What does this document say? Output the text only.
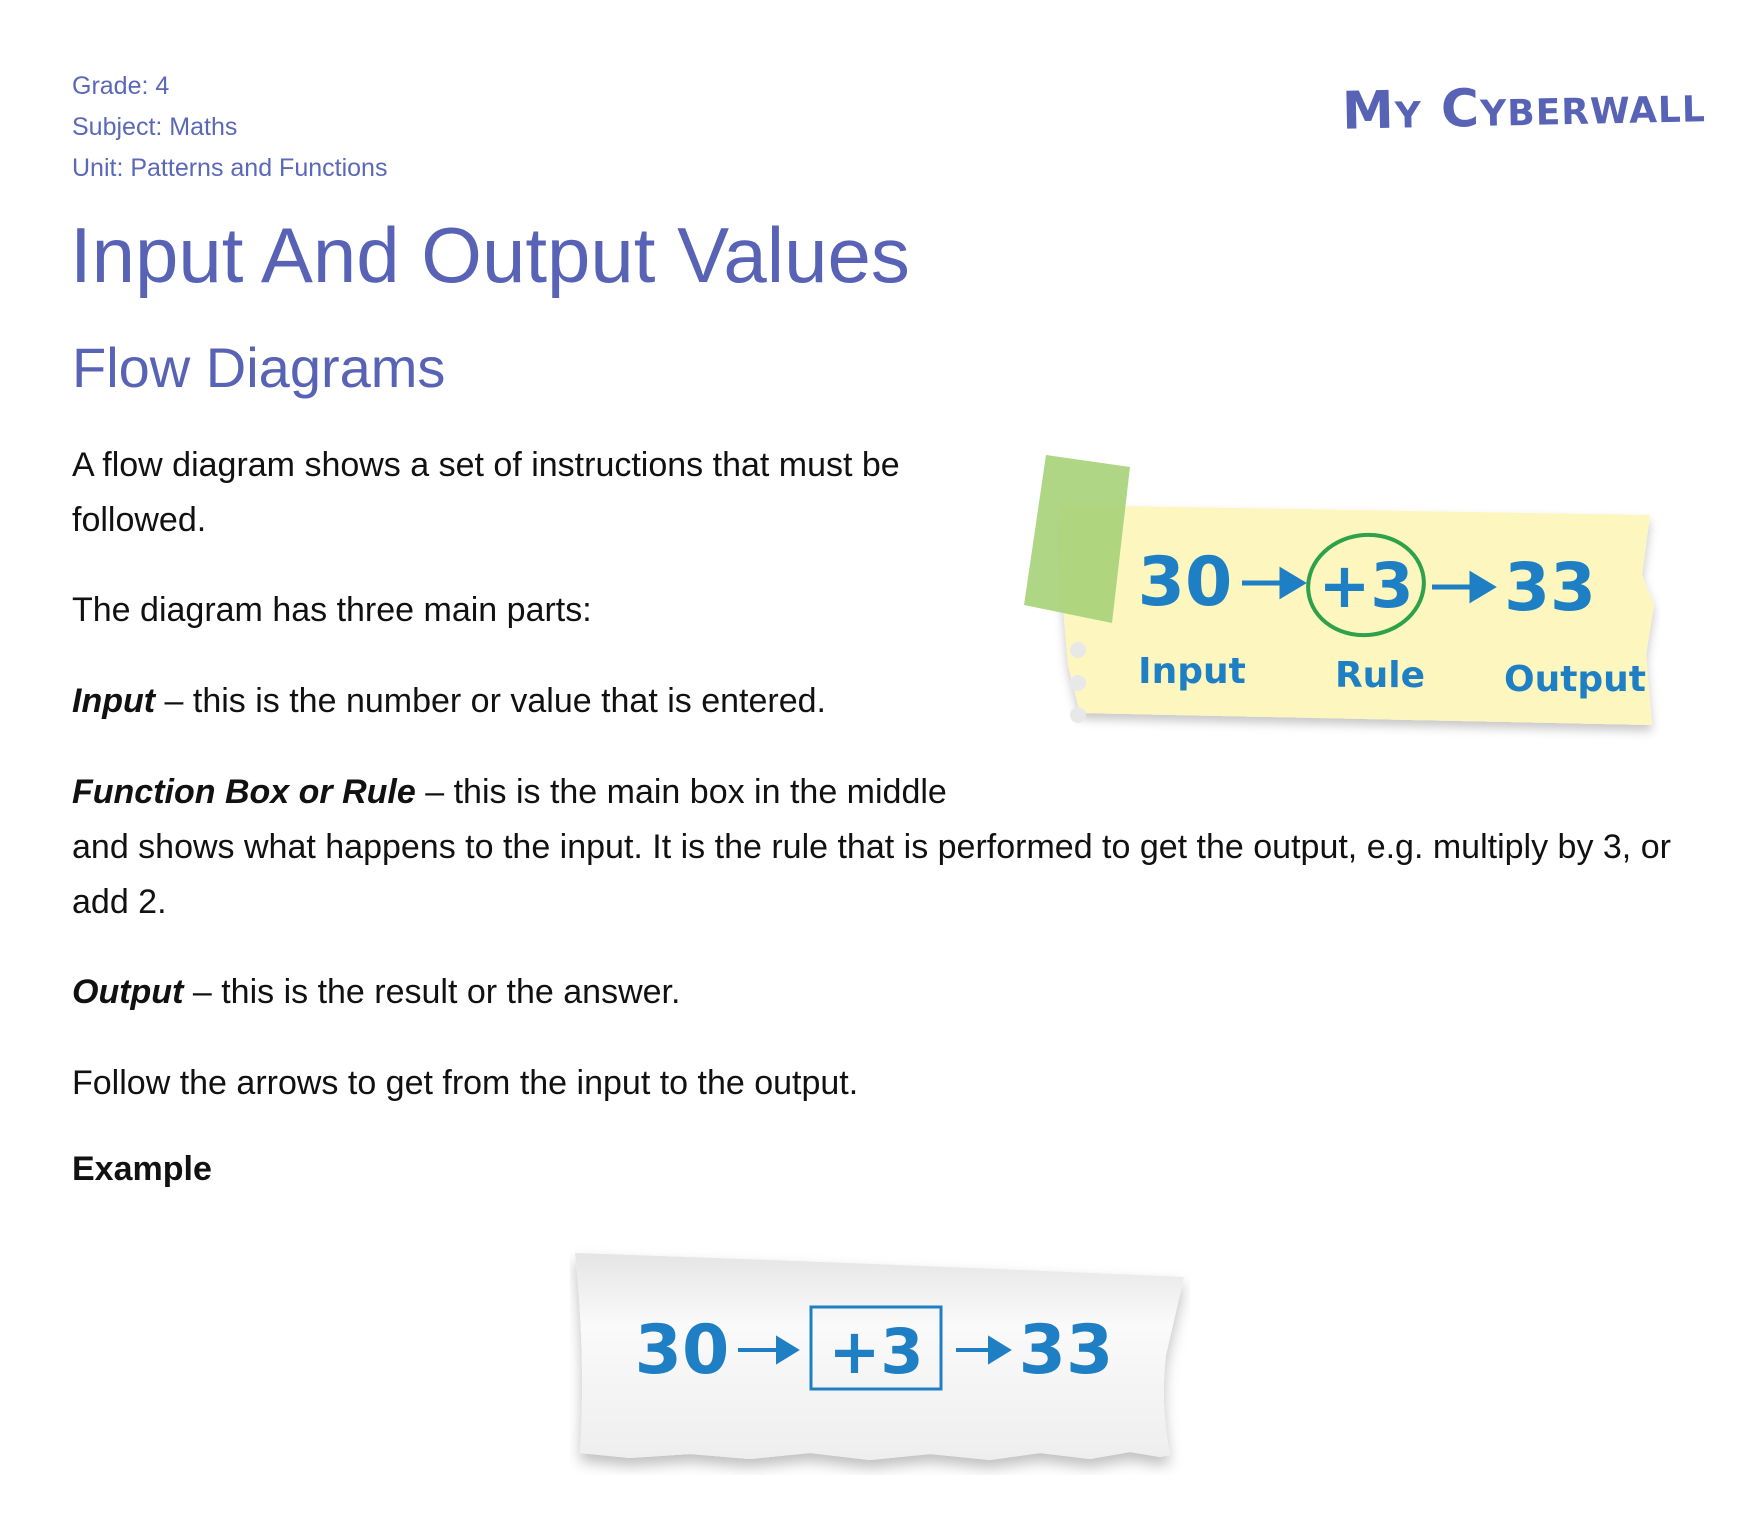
Grade: 4
Subject: Maths
Unit: Patterns and Functions
My Cyberwall
Input And Output Values
Flow Diagrams

A flow diagram shows a set of instructions that must be followed.

The diagram has three main parts:

Input – this is the number or value that is entered.

Function Box or Rule – this is the main box in the middle
and shows what happens to the input. It is the rule that is performed to get the output, e.g. multiply by 3, or add 2.

Output – this is the result or the answer.

Follow the arrows to get from the input to the output.

Example

30 +3 33
Input Rule Output
30 +3 33
